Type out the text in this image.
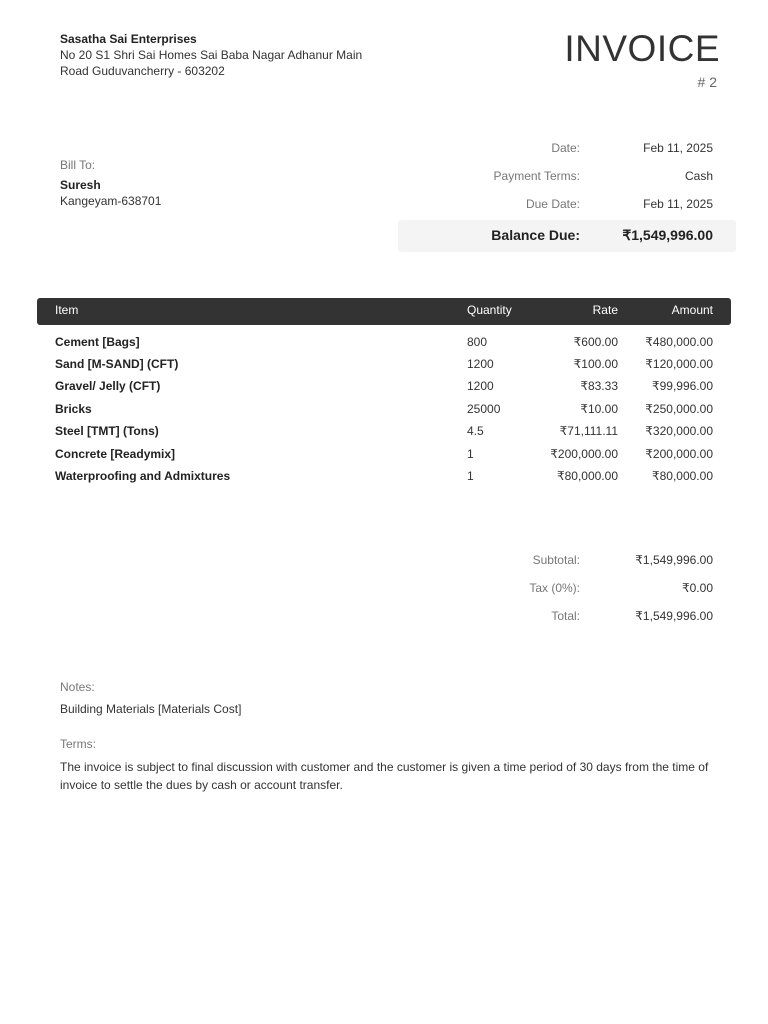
Sasatha Sai Enterprises
No 20 S1 Shri Sai Homes Sai Baba Nagar Adhanur Main Road Guduvancherry - 603202
INVOICE
# 2
Bill To:
Suresh
Kangeyam-638701
Date:	Feb 11, 2025
Payment Terms:	Cash
Due Date:	Feb 11, 2025
Balance Due:	₹1,549,996.00
Item	Quantity	Rate	Amount
Cement [Bags]	800	₹600.00 ₹480,000.00
Sand [M-SAND] (CFT)	1200	₹100.00 ₹120,000.00
Gravel/ Jelly (CFT)	1200	₹83.33	₹99,996.00
Bricks	25000	₹10.00 ₹250,000.00
Steel [TMT] (Tons)	4.5	₹71,111.11 ₹320,000.00
Concrete [Readymix]	1	₹200,000.00 ₹200,000.00
Waterproofing and Admixtures	1	₹80,000.00	₹80,000.00
Subtotal:	₹1,549,996.00
Tax (0%):	₹0.00
Total:	₹1,549,996.00
Notes:
Building Materials [Materials Cost]
Terms:
The invoice is subject to final discussion with customer and the customer is given a time period of 30 days from the time of invoice to settle the dues by cash or account transfer.
